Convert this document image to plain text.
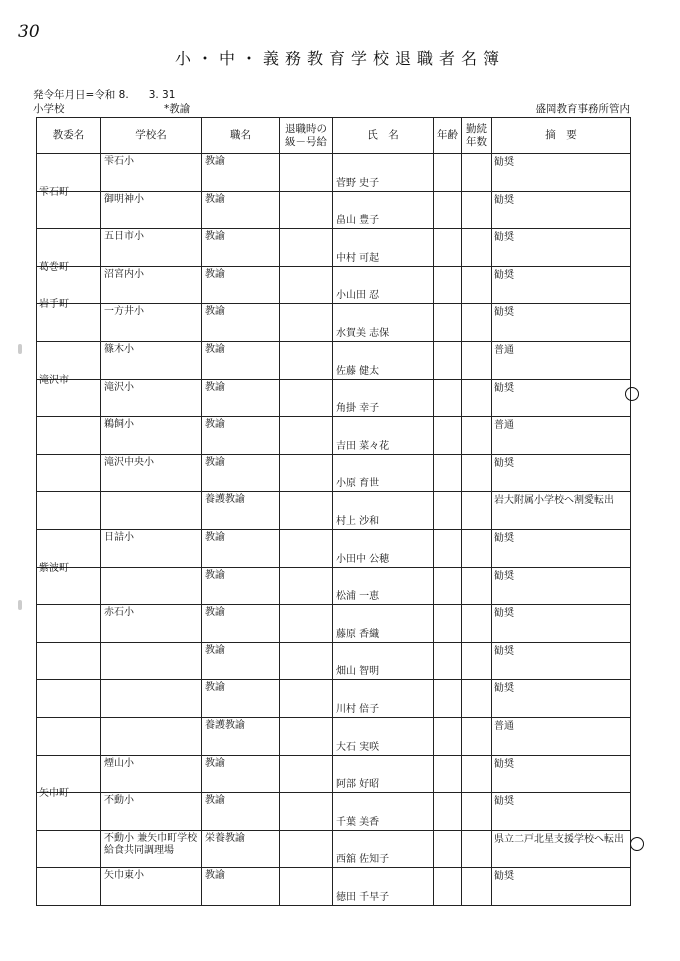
30
小・中・義務教育学校退職者名簿
発令年月日=令和 8. 3. 31
小学校	*教諭	盛岡教育事務所管内
教委名	学校名	職名	退職時の級－号給	氏　名	年齢	勤続年数	摘　要

雫石町	雫石小	教諭		菅野 史子			勧奨

	御明神小	教諭		畠山 豊子			勧奨

葛巻町	五日市小	教諭		中村 可起			勧奨

岩手町	沼宮内小	教諭		小山田 忍			勧奨

	一方井小	教諭		水賀美 志保			勧奨

滝沢市	篠木小	教諭		佐藤 健太			普通

	滝沢小	教諭		角掛 幸子			勧奨

	鵜飼小	教諭		吉田 菜々花			普通

	滝沢中央小	教諭		小原 育世			勧奨

		養護教諭		村上 沙和			岩大附属小学校へ割愛転出

紫波町	日詰小	教諭		小田中 公穂			勧奨

		教諭		松浦 一恵			勧奨

	赤石小	教諭		藤原 香織			勧奨

		教諭		畑山 智明			勧奨

		教諭		川村 倍子			勧奨

		養護教諭		大石 実咲			普通

矢巾町	煙山小	教諭		阿部 好昭			勧奨

	不動小	教諭		千葉 美香			勧奨

	不動小 兼矢巾町学校給食共同調理場	栄養教諭		西舘 佐知子			県立二戸北星支援学校へ転出

	矢巾東小	教諭		徳田 千早子			勧奨
